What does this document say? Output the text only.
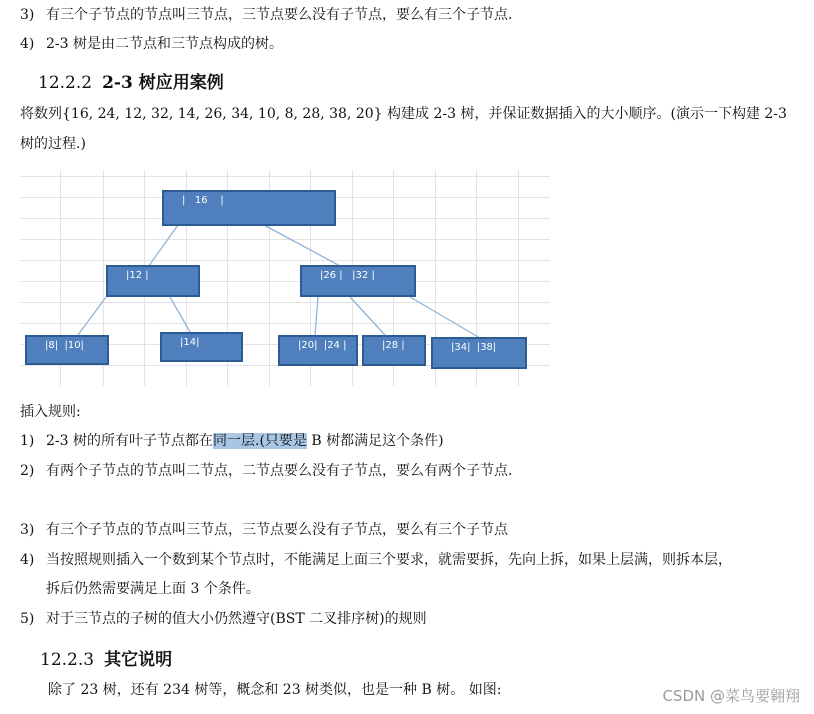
3) 有三个子节点的节点叫三节点，三节点要么没有子节点，要么有三个子节点.
4) 2-3 树是由二节点和三节点构成的树。
12.2.2 2-3 树应用案例
将数列{16, 24, 12, 32, 14, 26, 34, 10, 8, 28, 38, 20} 构建成 2-3 树，并保证数据插入的大小顺序。(演示一下构建 2-3
树的过程.)
|   16    |
|12 |	|26 |   |32 |
|8|  |10|	|14|	|20|  |24 |	|28 |	|34|  |38|
插入规则:
1) 2-3 树的所有叶子节点都在同一层.(只要是 B 树都满足这个条件)
2) 有两个子节点的节点叫二节点，二节点要么没有子节点，要么有两个子节点.
3) 有三个子节点的节点叫三节点，三节点要么没有子节点，要么有三个子节点
4) 当按照规则插入一个数到某个节点时，不能满足上面三个要求，就需要拆，先向上拆，如果上层满，则拆本层，
拆后仍然需要满足上面 3 个条件。
5) 对于三节点的子树的值大小仍然遵守(BST 二叉排序树)的规则
12.2.3 其它说明
除了 23 树，还有 234 树等，概念和 23 树类似，也是一种 B 树。 如图:	CSDN @菜鸟要翱翔
